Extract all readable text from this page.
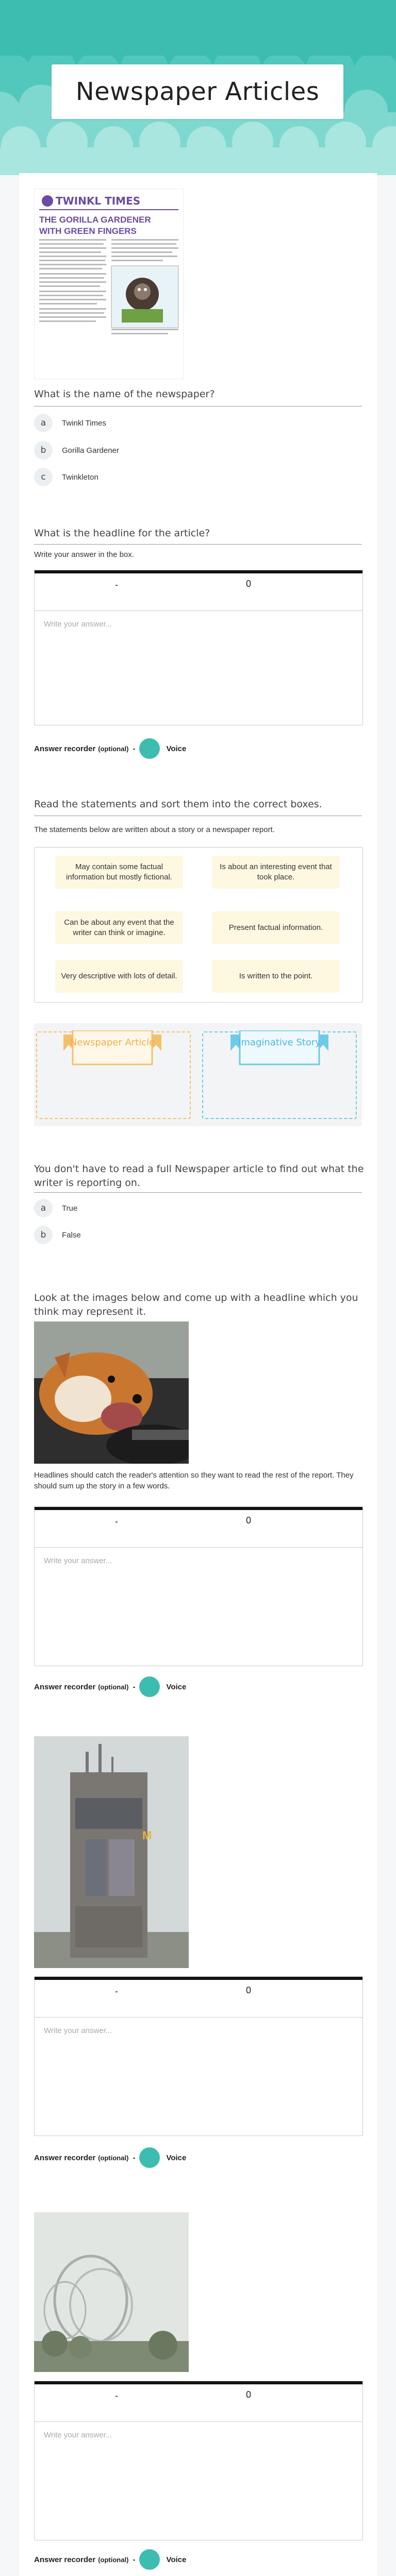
Newspaper Articles
TWINKL TIMES
THE GORILLA GARDENER
WITH GREEN FINGERS
What is the name of the newspaper?
a	Twinkl Times
b	Gorilla Gardener
c	Twinkleton
What is the headline for the article?
Write your answer in the box.
-	0
Write your answer...
Answer recorder (optional) -	Voice
Read the statements and sort them into the correct boxes.
The statements below are written about a story or a newspaper report.
May contain some factual information but mostly fictional.
Is about an interesting event that took place.
Can be about any event that the writer can think or imagine.
Present factual information.
Very descriptive with lots of detail.	Is written to the point.
Newspaper Article	Imaginative Story
You don't have to read a full Newspaper article to find out what the writer is reporting on.
a	True
b	False
Look at the images below and come up with a headline which you think may represent it.
Headlines should catch the reader's attention so they want to read the rest of the report. They should sum up the story in a few words.
-	0
Write your answer...
Answer recorder (optional) -	Voice
M
-	0
Write your answer...
Answer recorder (optional) -	Voice
-	0
Write your answer...
Answer recorder (optional) -	Voice
